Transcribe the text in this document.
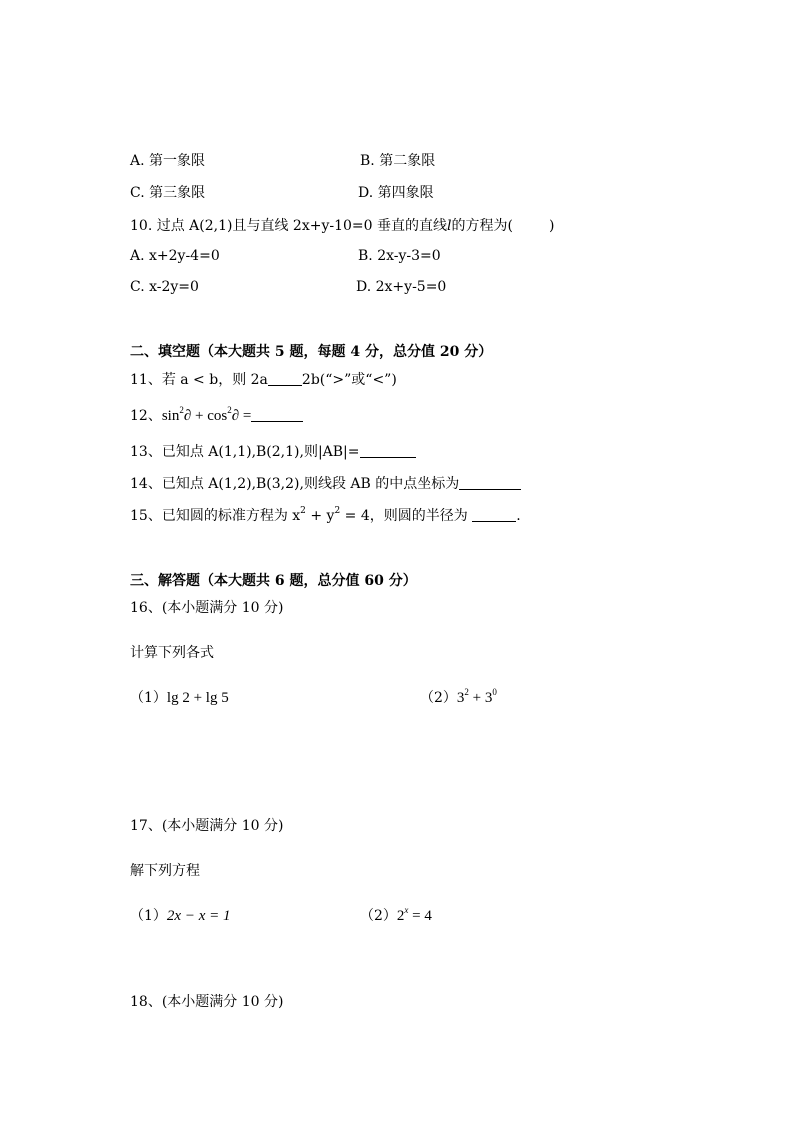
A. 第一象限	B. 第二象限
C. 第三象限	D. 第四象限
10. 过点 A(2,1)且与直线 2x+y-10=0 垂直的直线l的方程为(	)
A. x+2y-4=0	B. 2x-y-3=0
C. x-2y=0	D. 2x+y-5=0
二、填空题（本大题共 5 题，每题 4 分，总分值 20 分）
11、若 a < b，则 2a 2b(“>”或“<”)
12、$\sin^2\partial + \cos^2\partial$ =
13、已知点 A(1,1),B(2,1),则|AB|=
14、已知点 A(1,2),B(3,2),则线段 AB 的中点坐标为
15、已知圆的标准方程为 $x^2 + y^2 = 4$，则圆的半径为	.
三、解答题（本大题共 6 题，总分值 60 分）
16、(本小题满分 10 分)
计算下列各式
（1）lg 2 + lg 5	$(2)3^2 + 3^0$
17、(本小题满分 10 分)
解下列方程
（1）2x − x = 1	$(2)2^x = 4$
18、(本小题满分 10 分)
